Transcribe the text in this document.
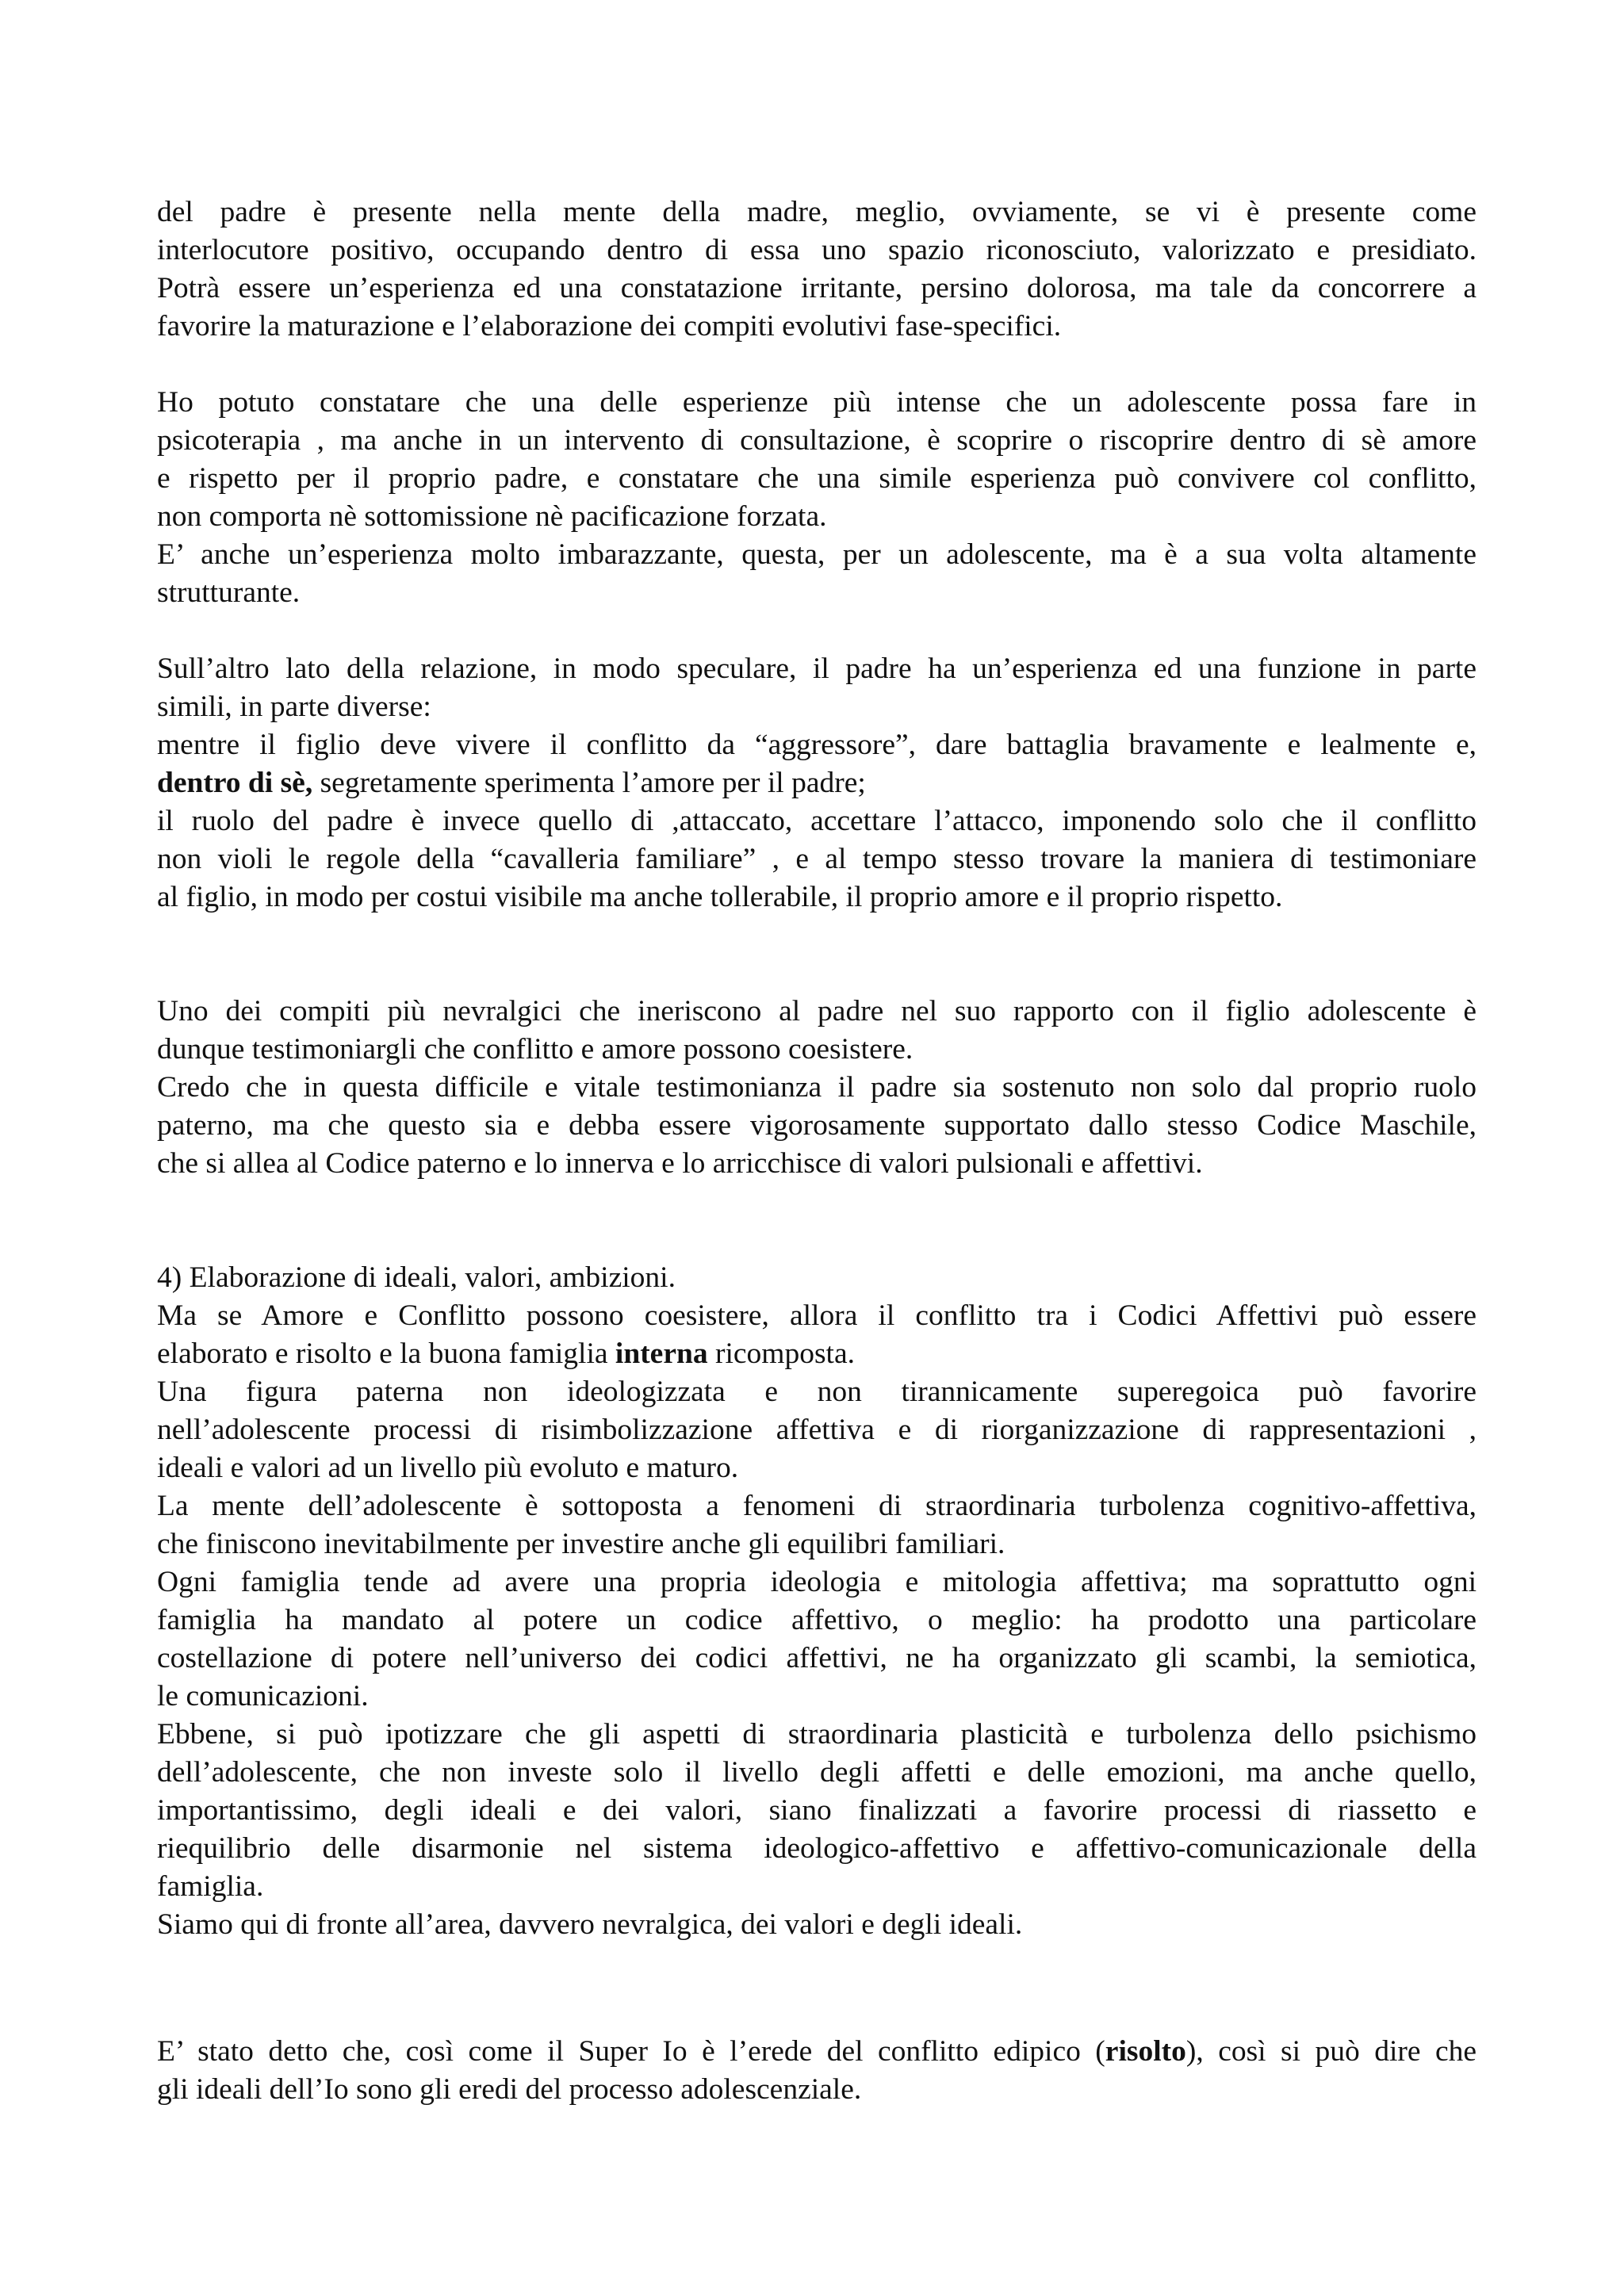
del padre è presente nella mente della madre, meglio, ovviamente, se vi è presente come
interlocutore positivo, occupando dentro di essa uno spazio riconosciuto, valorizzato e presidiato.
Potrà essere un’esperienza ed una constatazione irritante, persino dolorosa, ma tale da concorrere a
favorire la maturazione e l’elaborazione dei compiti evolutivi fase-specifici.
Ho potuto constatare che una delle esperienze più intense che un adolescente possa fare in
psicoterapia , ma anche in un intervento di consultazione, è scoprire o riscoprire dentro di sè amore
e rispetto per il proprio padre, e constatare che una simile esperienza può convivere col conflitto,
non comporta nè sottomissione nè pacificazione forzata.
E’ anche un’esperienza molto imbarazzante, questa, per un adolescente, ma è a sua volta altamente
strutturante.
Sull’altro lato della relazione, in modo speculare, il padre ha un’esperienza ed una funzione in parte
simili, in parte diverse:
mentre il figlio deve vivere il conflitto da “aggressore”, dare battaglia bravamente e lealmente e,
dentro di sè, segretamente sperimenta l’amore per il padre;
il ruolo del padre è invece quello di ,attaccato, accettare l’attacco, imponendo solo che il conflitto
non violi le regole della “cavalleria familiare” , e al tempo stesso trovare la maniera di testimoniare
al figlio, in modo per costui visibile ma anche tollerabile, il proprio amore e il proprio rispetto.
Uno dei compiti più nevralgici che ineriscono al padre nel suo rapporto con il figlio adolescente è
dunque testimoniargli che conflitto e amore possono coesistere.
Credo che in questa difficile e vitale testimonianza il padre sia sostenuto non solo dal proprio ruolo
paterno, ma che questo sia e debba essere vigorosamente supportato dallo stesso Codice Maschile,
che si allea al Codice paterno e lo innerva e lo arricchisce di valori pulsionali e affettivi.
4) Elaborazione di ideali, valori, ambizioni.
Ma se Amore e Conflitto possono coesistere, allora il conflitto tra i Codici Affettivi può essere
elaborato e risolto e la buona famiglia interna ricomposta.
Una figura paterna non ideologizzata e non tirannicamente superegoica può favorire
nell’adolescente processi di risimbolizzazione affettiva e di riorganizzazione di rappresentazioni ,
ideali e valori ad un livello più evoluto e maturo.
La mente dell’adolescente è sottoposta a fenomeni di straordinaria turbolenza cognitivo-affettiva,
che finiscono inevitabilmente per investire anche gli equilibri familiari.
Ogni famiglia tende ad avere una propria ideologia e mitologia affettiva; ma soprattutto ogni
famiglia ha mandato al potere un codice affettivo, o meglio: ha prodotto una particolare
costellazione di potere nell’universo dei codici affettivi, ne ha organizzato gli scambi, la semiotica,
le comunicazioni.
Ebbene, si può ipotizzare che gli aspetti di straordinaria plasticità e turbolenza dello psichismo
dell’adolescente, che non investe solo il livello degli affetti e delle emozioni, ma anche quello,
importantissimo, degli ideali e dei valori, siano finalizzati a favorire processi di riassetto e
riequilibrio delle disarmonie nel sistema ideologico-affettivo e affettivo-comunicazionale della
famiglia.
Siamo qui di fronte all’area, davvero nevralgica, dei valori e degli ideali.
E’ stato detto che, così come il Super Io è l’erede del conflitto edipico (risolto), così si può dire che
gli ideali dell’Io sono gli eredi del processo adolescenziale.
